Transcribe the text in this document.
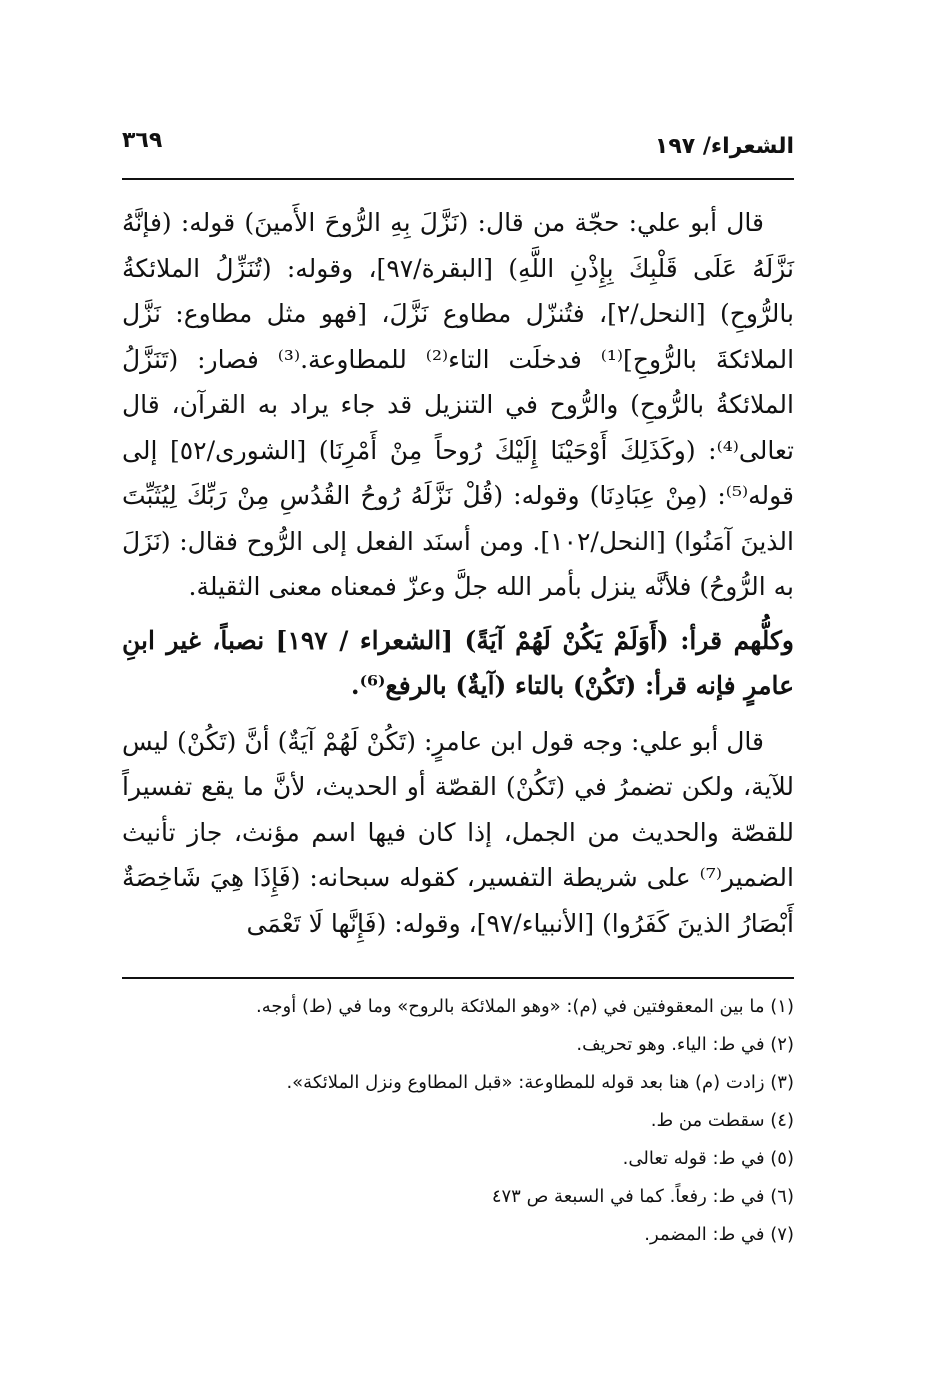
الشعراء/ ١٩٧
٣٦٩

قال أبو علي: حجّة من قال: (نَزَّلَ بِهِ الرُّوحَ الأَمينَ) قوله: (فإنَّهُ نَزَّلَهُ عَلَى قَلْبِكَ بِإِذْنِ اللَّهِ) [البقرة/٩٧]، وقوله: (تُنَزِّلُ الملائكةُ بالرُّوحِ) [النحل/٢]، فتُنزّل مطاوع نَزَّلَ، [فهو مثل مطاوع: نَزَّل الملائكةَ بالرُّوحِ]⁽¹⁾ فدخلَت التاء⁽²⁾ للمطاوعة.⁽³⁾ فصار: (تَنَزَّلُ الملائكةُ بالرُّوحِ) والرُّوح في التنزيل قد جاء يراد به القرآن، قال تعالى⁽⁴⁾: (وكَذَلِكَ أَوْحَيْنَا إِلَيْكَ رُوحاً مِنْ أَمْرِنَا) [الشورى/٥٢] إلى قوله⁽⁵⁾: (مِنْ عِبَادِنَا) وقوله: (قُلْ نَزَّلَهُ رُوحُ القُدُسِ مِنْ رَبِّكَ لِيُثَبِّتَ الذينَ آمَنُوا) [النحل/١٠٢]. ومن أسنَد الفعل إلى الرُّوح فقال: (نَزَلَ به الرُّوحُ) فلأنَّه ينزل بأمر الله جلَّ وعزّ فمعناه معنى الثقيلة.

وكلُّهم قرأ: (أَوَلَمْ يَكُنْ لَهُمْ آيَةً) [الشعراء / ١٩٧] نصباً، غير ابنِ عامرٍ فإنه قرأ: (تَكُنْ) بالتاء (آيةٌ) بالرفع⁽⁶⁾.

قال أبو علي: وجه قول ابن عامرٍ: (تَكُنْ لَهُمْ آيَةٌ) أنَّ (تَكُنْ) ليس للآية، ولكن تضمرُ في (تَكُنْ) القصّة أو الحديث، لأنَّ ما يقع تفسيراً للقصّة والحديث من الجمل، إذا كان فيها اسم مؤنث، جاز تأنيث الضمير⁽⁷⁾ على شريطة التفسير، كقوله سبحانه: (فَإِذَا هِيَ شَاخِصَةٌ أَبْصَارُ الذينَ كَفَرُوا) [الأنبياء/٩٧]، وقوله: (فَإِنَّها لَا تَعْمَى

(١) ما بين المعقوفتين في (م): «وهو الملائكة بالروح» وما في (ط) أوجه.
(٢) في ط: الياء. وهو تحريف.
(٣) زادت (م) هنا بعد قوله للمطاوعة: «قبل المطاوع ونزل الملائكة».
(٤) سقطت من ط.
(٥) في ط: قوله تعالى.
(٦) في ط: رفعاً. كما في السبعة ص ٤٧٣
(٧) في ط: المضمر.
